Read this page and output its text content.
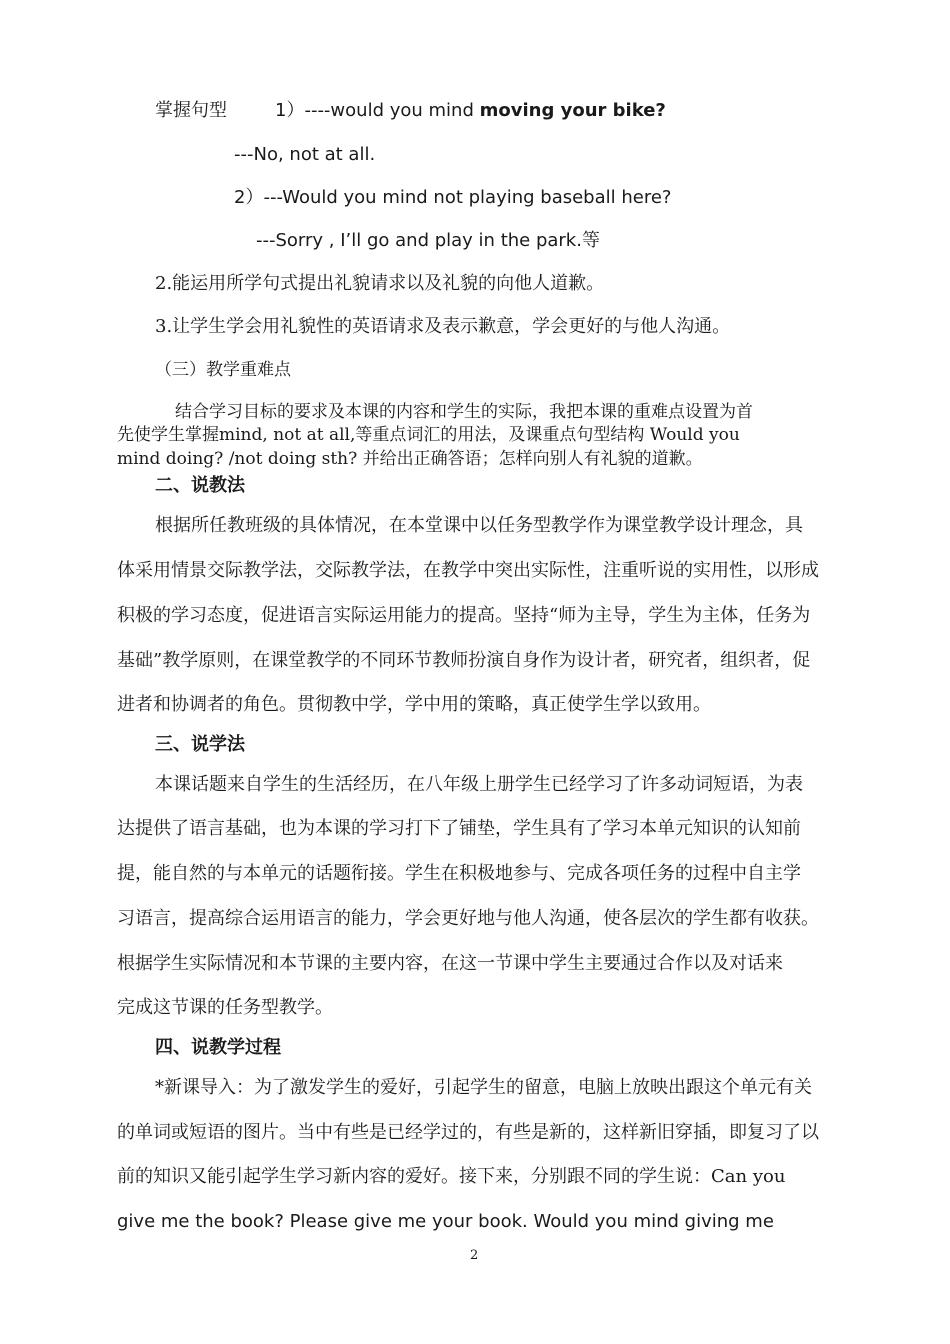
掌握句型	1）----would you mind moving your bike?
---No, not at all.
2）---Would you mind not playing baseball here?
---Sorry , I’ll go and play in the park.等
2.能运用所学句式提出礼貌请求以及礼貌的向他人道歉。
3.让学生学会用礼貌性的英语请求及表示歉意，学会更好的与他人沟通。
（三）教学重难点
结合学习目标的要求及本课的内容和学生的实际，我把本课的重难点设置为首
先使学生掌握mind, not at all,等重点词汇的用法，及课重点句型结构 Would you
mind doing? /not doing sth? 并给出正确答语；怎样向别人有礼貌的道歉。
二、说教法
根据所任教班级的具体情况，在本堂课中以任务型教学作为课堂教学设计理念，具
体采用情景交际教学法，交际教学法，在教学中突出实际性，注重听说的实用性，以形成
积极的学习态度，促进语言实际运用能力的提高。坚持“师为主导，学生为主体，任务为
基础”教学原则，在课堂教学的不同环节教师扮演自身作为设计者，研究者，组织者，促
进者和协调者的角色。贯彻教中学，学中用的策略，真正使学生学以致用。
三、说学法
本课话题来自学生的生活经历，在八年级上册学生已经学习了许多动词短语，为表
达提供了语言基础，也为本课的学习打下了铺垫，学生具有了学习本单元知识的认知前
提，能自然的与本单元的话题衔接。学生在积极地参与、完成各项任务的过程中自主学
习语言，提高综合运用语言的能力，学会更好地与他人沟通，使各层次的学生都有收获。
根据学生实际情况和本节课的主要内容，在这一节课中学生主要通过合作以及对话来
完成这节课的任务型教学。
四、说教学过程
*新课导入：为了激发学生的爱好，引起学生的留意，电脑上放映出跟这个单元有关
的单词或短语的图片。当中有些是已经学过的，有些是新的，这样新旧穿插，即复习了以
前的知识又能引起学生学习新内容的爱好。接下来，分别跟不同的学生说：Can you
give me the book? Please give me your book. Would you mind giving me
2
